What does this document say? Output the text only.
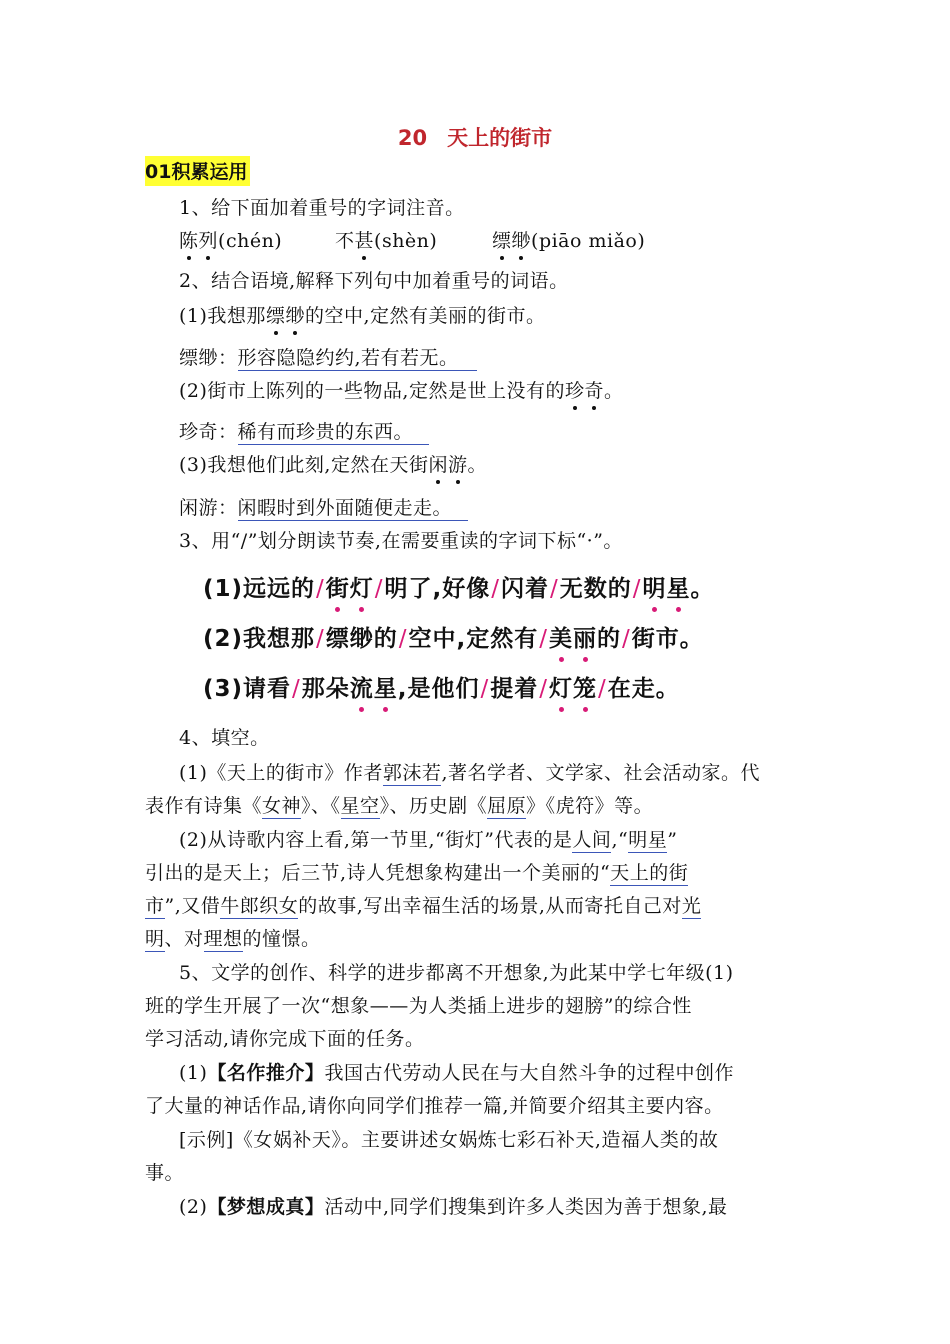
20 天上的街市
01积累运用
1、给下面加着重号的字词注音。
陈列(chén)	不甚(shèn)	缥缈(piāo miǎo)
2、结合语境,解释下列句中加着重号的词语。
(1)我想那缥缈的空中,定然有美丽的街市。
缥缈：形容隐隐约约,若有若无。
(2)街市上陈列的一些物品,定然是世上没有的珍奇。
珍奇：稀有而珍贵的东西。
(3)我想他们此刻,定然在天街闲游。
闲游：闲暇时到外面随便走走。
3、用“/”划分朗读节奏,在需要重读的字词下标“·”。
(1)远远的/街灯/明了,好像/闪着/无数的/明星。
(2)我想那/缥缈的/空中,定然有/美丽的/街市。
(3)请看/那朵流星,是他们/提着/灯笼/在走。
4、填空。
(1)《天上的街市》作者郭沫若,著名学者、文学家、社会活动家。代
表作有诗集《女神》、《星空》、历史剧《屈原》《虎符》等。
(2)从诗歌内容上看,第一节里,“街灯”代表的是人间,“明星”
引出的是天上；后三节,诗人凭想象构建出一个美丽的“天上的街
市”,又借牛郎织女的故事,写出幸福生活的场景,从而寄托自己对光
明、对理想的憧憬。
5、文学的创作、科学的进步都离不开想象,为此某中学七年级(1)
班的学生开展了一次“想象——为人类插上进步的翅膀”的综合性
学习活动,请你完成下面的任务。
(1)【名作推介】我国古代劳动人民在与大自然斗争的过程中创作
了大量的神话作品,请你向同学们推荐一篇,并简要介绍其主要内容。
[示例]《女娲补天》。主要讲述女娲炼七彩石补天,造福人类的故
事。
(2)【梦想成真】活动中,同学们搜集到许多人类因为善于想象,最
